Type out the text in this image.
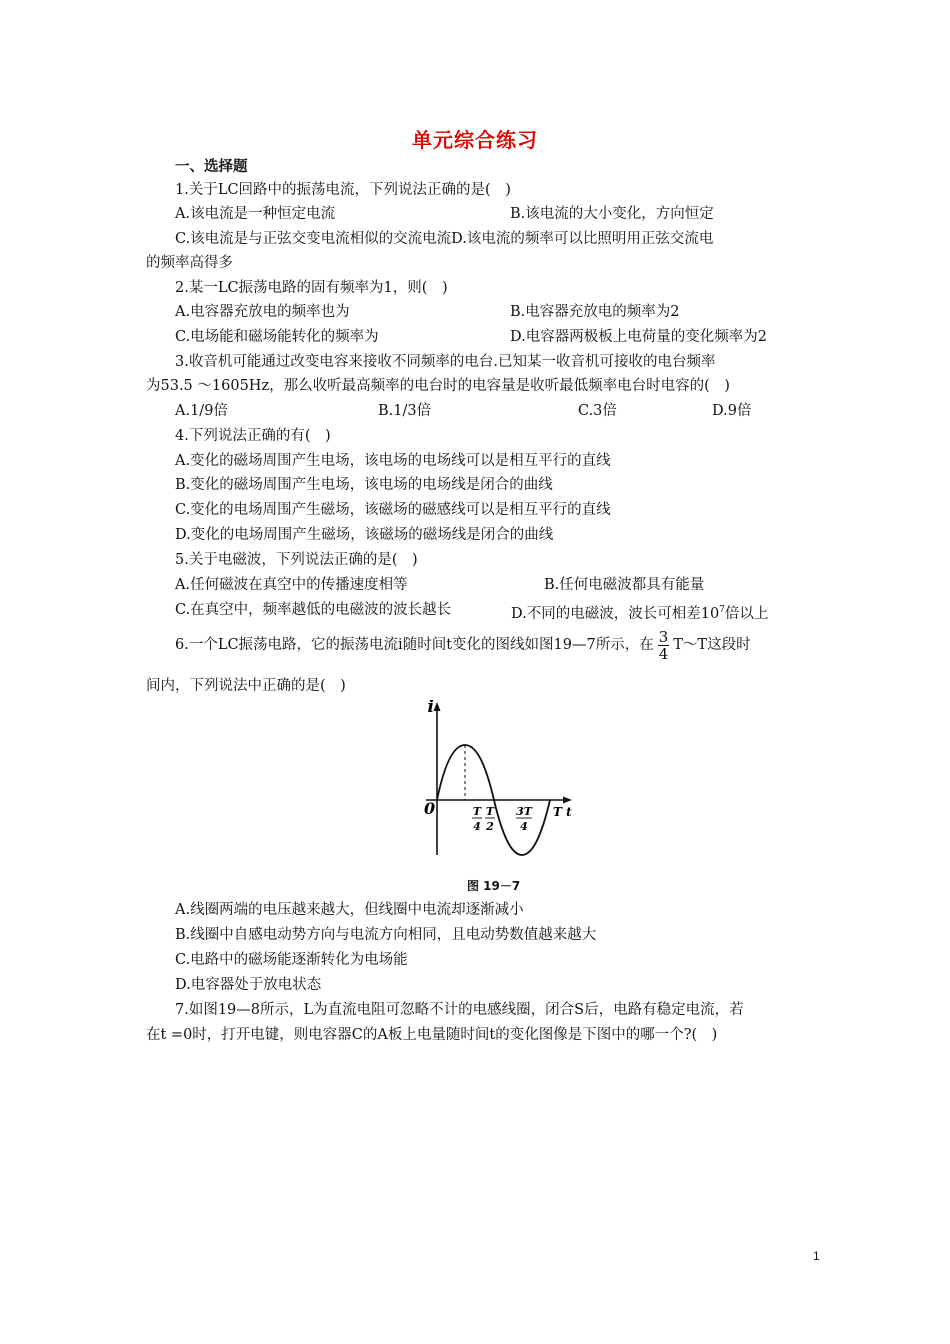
单元综合练习
一、选择题
1.关于LC回路中的振荡电流，下列说法正确的是(　)
A.该电流是一种恒定电流	B.该电流的大小变化，方向恒定
C.该电流是与正弦交变电流相似的交流电流D.该电流的频率可以比照明用正弦交流电
的频率高得多
2.某一LC振荡电路的固有频率为1，则(　)
A.电容器充放电的频率也为	B.电容器充放电的频率为2
C.电场能和磁场能转化的频率为	D.电容器两极板上电荷量的变化频率为2
3.收音机可能通过改变电容来接收不同频率的电台.已知某一收音机可接收的电台频率
为53.5 ～1605Hz，那么收听最高频率的电台时的电容量是收听最低频率电台时电容的(　)
A.1/9倍	B.1/3倍	C.3倍	D.9倍
4.下列说法正确的有(　)
A.变化的磁场周围产生电场，该电场的电场线可以是相互平行的直线
B.变化的磁场周围产生电场，该电场的电场线是闭合的曲线
C.变化的电场周围产生磁场，该磁场的磁感线可以是相互平行的直线
D.变化的电场周围产生磁场，该磁场的磁场线是闭合的曲线
5.关于电磁波，下列说法正确的是(　)
A.任何磁波在真空中的传播速度相等	B.任何电磁波都具有能量
C.在真空中，频率越低的电磁波的波长越长	D.不同的电磁波，波长可相差$10^7$倍以上
6.一个LC振荡电路，它的振荡电流i随时间t变化的图线如图19—7所示，在 $\frac{3}{4}$ T～T这段时
间内，下列说法中正确的是(　)
i
0	T t
T
4
T
2
3T
4
图 19－7
A.线圈两端的电压越来越大，但线圈中电流却逐渐减小
B.线圈中自感电动势方向与电流方向相同，且电动势数值越来越大
C.电路中的磁场能逐渐转化为电场能
D.电容器处于放电状态
7.如图19—8所示，L为直流电阻可忽略不计的电感线圈，闭合S后，电路有稳定电流，若
在t =0时，打开电键，则电容器C的A板上电量随时间t的变化图像是下图中的哪一个?(　)
1
